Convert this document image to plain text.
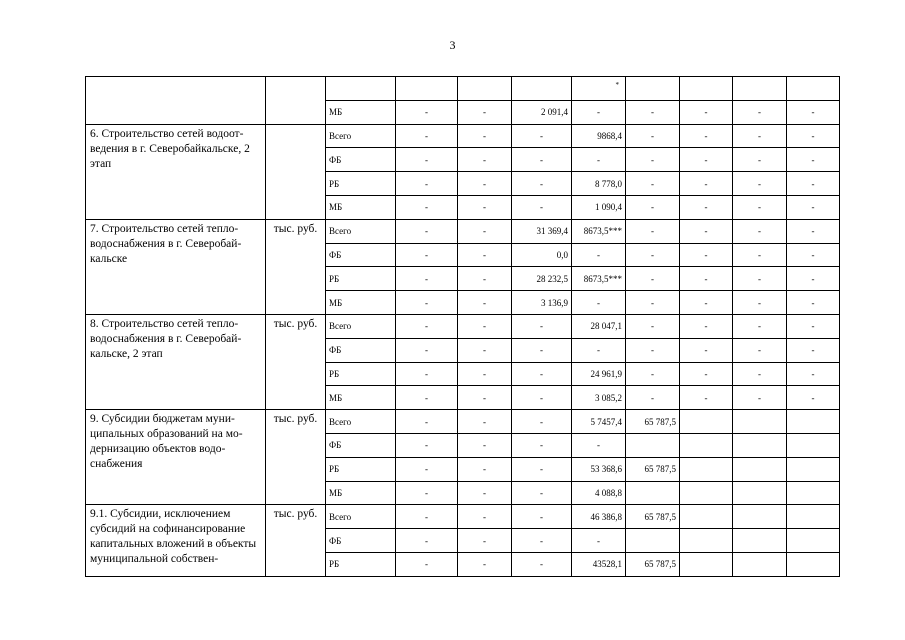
3
						*				
		МБ	-	-	2 091,4	-	-	-	-	-
6. Строительство сетей водоотведения в г. Северобайкальске, 2 этап		Всего	-	-	-	9868,4	-	-	-	-
		ФБ	-	-	-	-	-	-	-	-
		РБ	-	-	-	8 778,0	-	-	-	-
		МБ	-	-	-	1 090,4	-	-	-	-
7. Строительство сетей тепловодоснабжения в г. Северобайкальске	тыс. руб.	Всего	-	-	31 369,4	8673,5***	-	-	-	-
		ФБ	-	-	0,0	-	-	-	-	-
		РБ	-	-	28 232,5	8673,5***	-	-	-	-
		МБ	-	-	3 136,9	-	-	-	-	-
8. Строительство сетей тепловодоснабжения в г. Северобайкальске, 2 этап	тыс. руб.	Всего	-	-	-	28 047,1	-	-	-	-
		ФБ	-	-	-	-	-	-	-	-
		РБ	-	-	-	24 961,9	-	-	-	-
		МБ	-	-	-	3 085,2	-	-	-	-
9. Субсидии бюджетам муниципальных образований на модернизацию объектов водоснабжения	тыс. руб.	Всего	-	-	-	5 7457,4	65 787,5			
		ФБ	-	-	-	-				
		РБ	-	-	-	53 368,6	65 787,5			
		МБ	-	-	-	4 088,8				
9.1. Субсидии, исключением субсидий на софинансирование капитальных вложений в объекты муниципальной собствен-	тыс. руб.	Всего	-	-	-	46 386,8	65 787,5			
		ФБ	-	-	-	-				
		РБ	-	-	-	43528,1	65 787,5			
